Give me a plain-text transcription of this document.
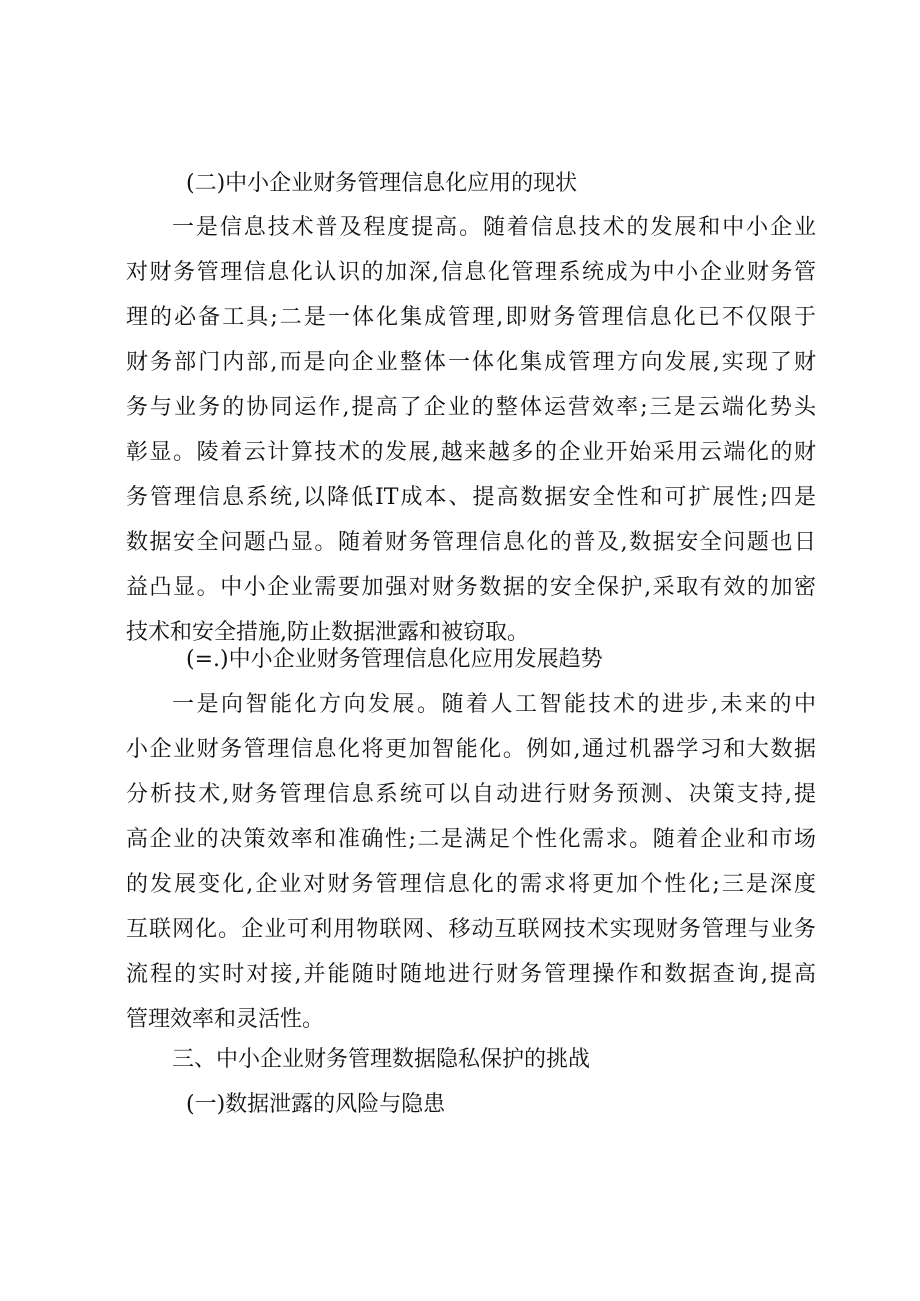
(二)中小企业财务管理信息化应用的现状
一是信息技术普及程度提高。随着信息技术的发展和中小企业
对财务管理信息化认识的加深,信息化管理系统成为中小企业财务管
理的必备工具;二是一体化集成管理,即财务管理信息化已不仅限于
财务部门内部,而是向企业整体一体化集成管理方向发展,实现了财
务与业务的协同运作,提高了企业的整体运营效率;三是云端化势头
彰显。陵着云计算技术的发展,越来越多的企业开始采用云端化的财
务管理信息系统,以降低IT成本、提高数据安全性和可扩展性;四是
数据安全问题凸显。随着财务管理信息化的普及,数据安全问题也日
益凸显。中小企业需要加强对财务数据的安全保护,采取有效的加密
技术和安全措施,防止数据泄露和被窃取。
(=.)中小企业财务管理信息化应用发展趋势
一是向智能化方向发展。随着人工智能技术的进步,未来的中
小企业财务管理信息化将更加智能化。例如,通过机器学习和大数据
分析技术,财务管理信息系统可以自动进行财务预测、决策支持,提
高企业的决策效率和准确性;二是满足个性化需求。随着企业和市场
的发展变化,企业对财务管理信息化的需求将更加个性化;三是深度
互联网化。企业可利用物联网、移动互联网技术实现财务管理与业务
流程的实时对接,并能随时随地进行财务管理操作和数据查询,提高
管理效率和灵活性。
三、中小企业财务管理数据隐私保护的挑战
(一)数据泄露的风险与隐患
